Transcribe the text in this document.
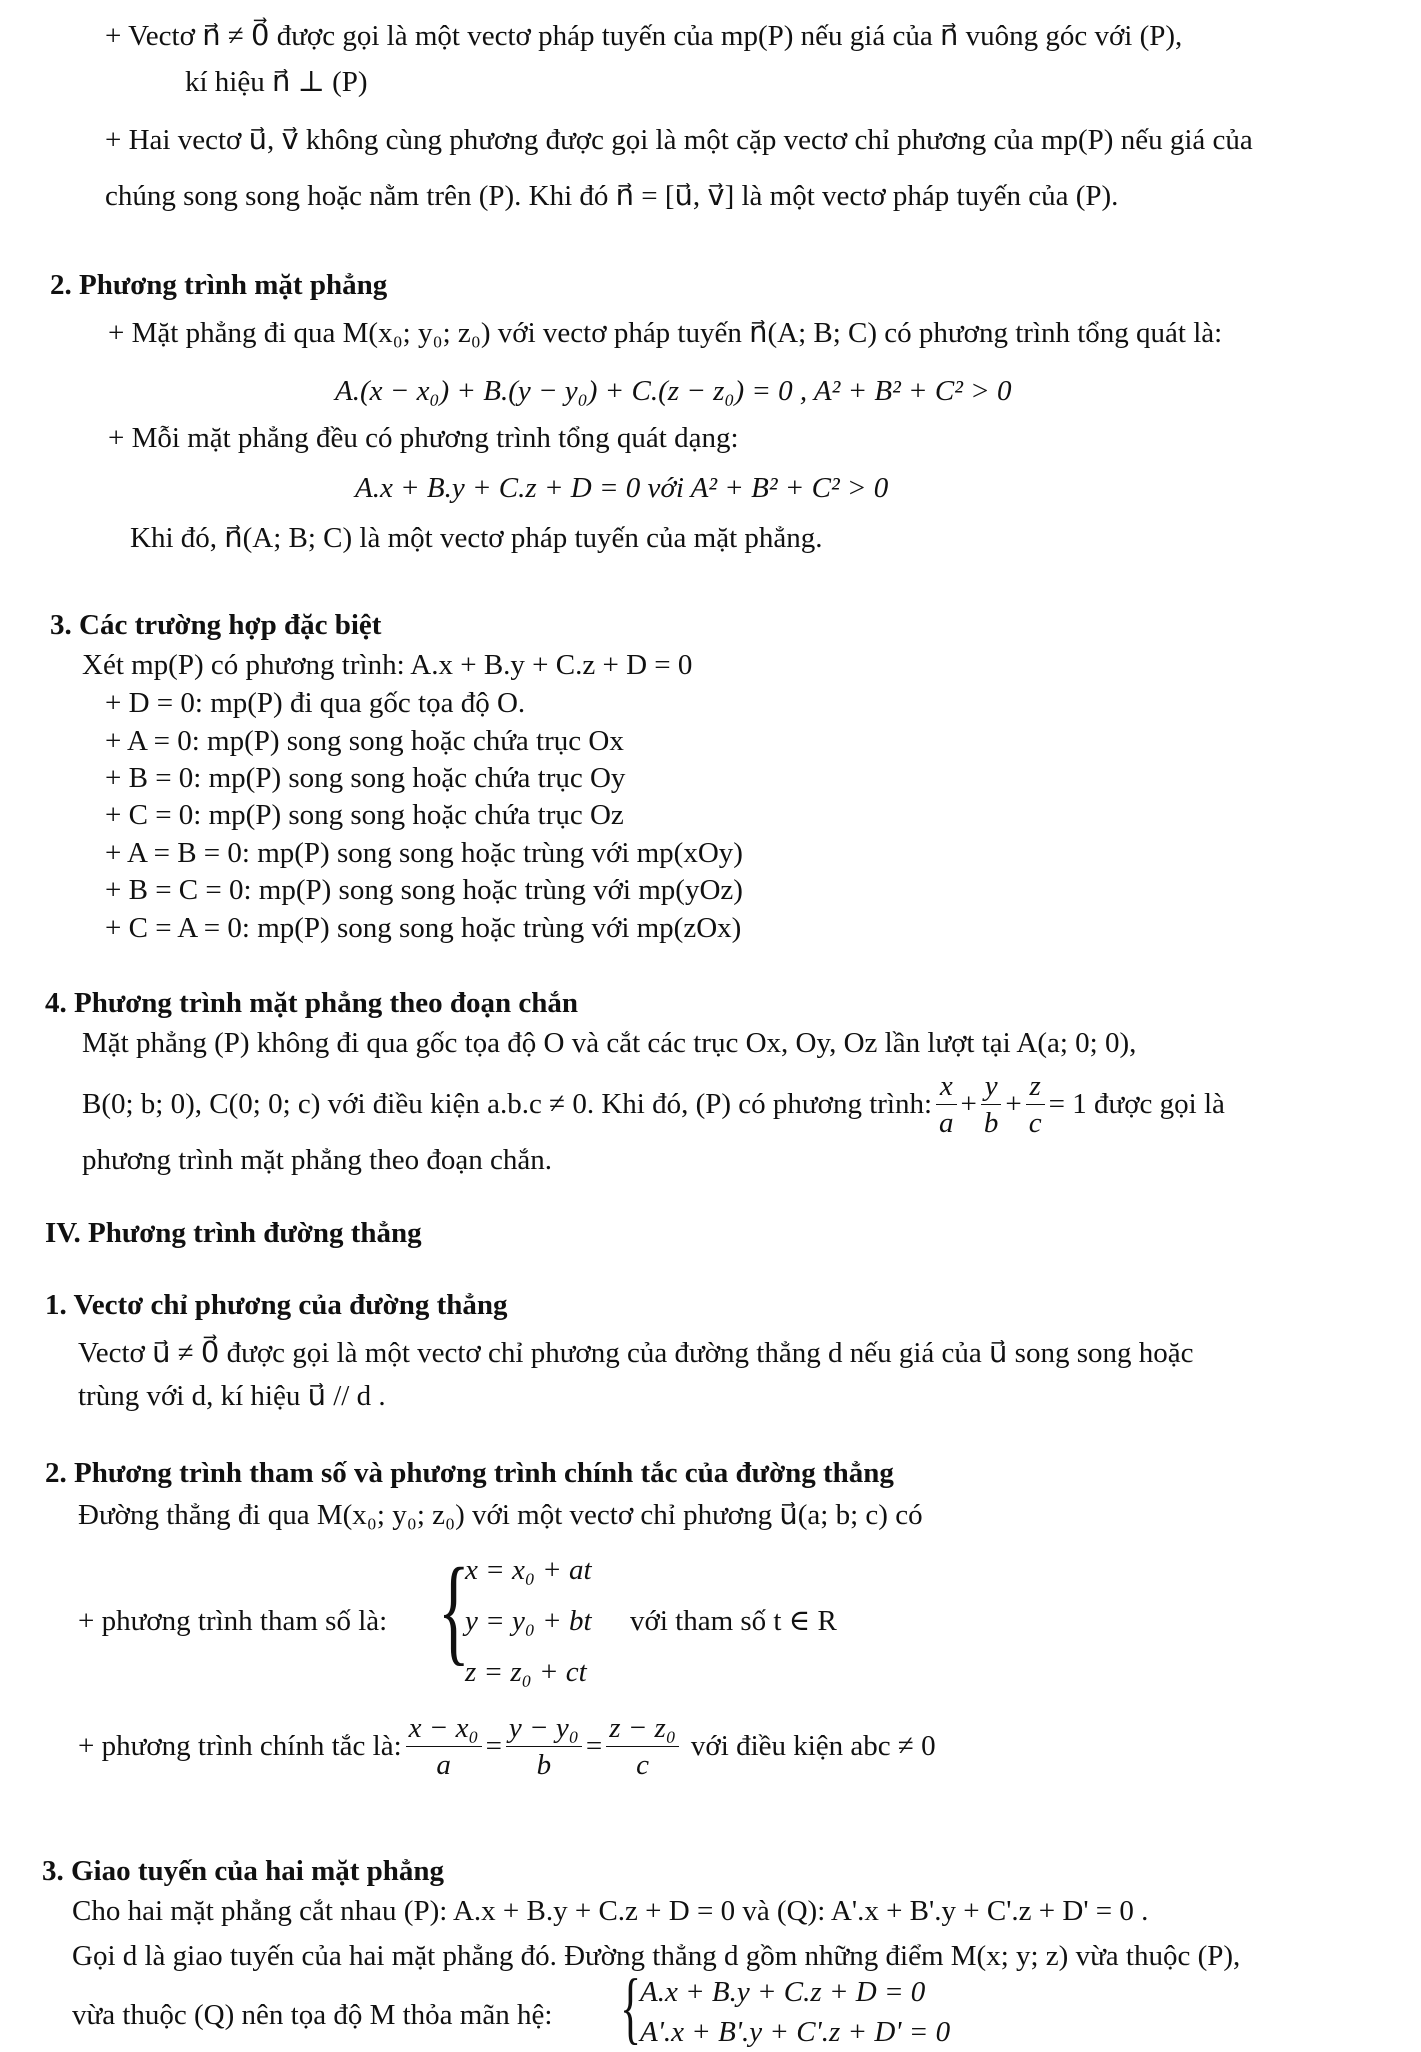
+ Vectơ n⃗ ≠ 0⃗ được gọi là một vectơ pháp tuyến của mp(P) nếu giá của n⃗ vuông góc với (P),
kí hiệu n⃗ ⊥ (P)
+ Hai vectơ u⃗, v⃗ không cùng phương được gọi là một cặp vectơ chỉ phương của mp(P) nếu giá của
chúng song song hoặc nằm trên (P). Khi đó n⃗ = [u⃗, v⃗] là một vectơ pháp tuyến của (P).
2. Phương trình mặt phẳng
+ Mặt phẳng đi qua M(x₀; y₀; z₀) với vectơ pháp tuyến n⃗(A; B; C) có phương trình tổng quát là:
A.(x − x₀) + B.(y − y₀) + C.(z − z₀) = 0 , A² + B² + C² > 0
+ Mỗi mặt phẳng đều có phương trình tổng quát dạng:
A.x + B.y + C.z + D = 0 với A² + B² + C² > 0
Khi đó, n⃗(A; B; C) là một vectơ pháp tuyến của mặt phẳng.
3. Các trường hợp đặc biệt
Xét mp(P) có phương trình: A.x + B.y + C.z + D = 0
+ D = 0: mp(P) đi qua gốc tọa độ O.
+ A = 0: mp(P) song song hoặc chứa trục Ox
+ B = 0: mp(P) song song hoặc chứa trục Oy
+ C = 0: mp(P) song song hoặc chứa trục Oz
+ A = B = 0: mp(P) song song hoặc trùng với mp(xOy)
+ B = C = 0: mp(P) song song hoặc trùng với mp(yOz)
+ C = A = 0: mp(P) song song hoặc trùng với mp(zOx)
4. Phương trình mặt phẳng theo đoạn chắn
Mặt phẳng (P) không đi qua gốc tọa độ O và cắt các trục Ox, Oy, Oz lần lượt tại A(a; 0; 0),
B(0; b; 0), C(0; 0; c) với điều kiện a.b.c ≠ 0. Khi đó, (P) có phương trình: $\frac{x}{a} + \frac{y}{b} + \frac{z}{c} = 1$ được gọi là
phương trình mặt phẳng theo đoạn chắn.
IV. Phương trình đường thẳng
1. Vectơ chỉ phương của đường thẳng
Vectơ u⃗ ≠ 0⃗ được gọi là một vectơ chỉ phương của đường thẳng d nếu giá của u⃗ song song hoặc
trùng với d, kí hiệu u⃗ // d .
2. Phương trình tham số và phương trình chính tắc của đường thẳng
Đường thẳng đi qua M(x₀; y₀; z₀) với một vectơ chỉ phương u⃗(a; b; c) có
+ phương trình tham số là: {
x = x₀ + at
y = y₀ + bt
z = z₀ + ct
với tham số t ∈ R
+ phương trình chính tắc là: $\frac{\text{x − x₀}}{a} = \frac{\text{y − y₀}}{b} = \frac{\text{z − z₀}}{c}$ với điều kiện abc ≠ 0
3. Giao tuyến của hai mặt phẳng
Cho hai mặt phẳng cắt nhau (P): A.x + B.y + C.z + D = 0 và (Q): A'.x + B'.y + C'.z + D' = 0 .
Gọi d là giao tuyến của hai mặt phẳng đó. Đường thẳng d gồm những điểm M(x; y; z) vừa thuộc (P),
vừa thuộc (Q) nên tọa độ M thỏa mãn hệ: {
A.x + B.y + C.z + D = 0
A'.x + B'.y + C'.z + D' = 0
